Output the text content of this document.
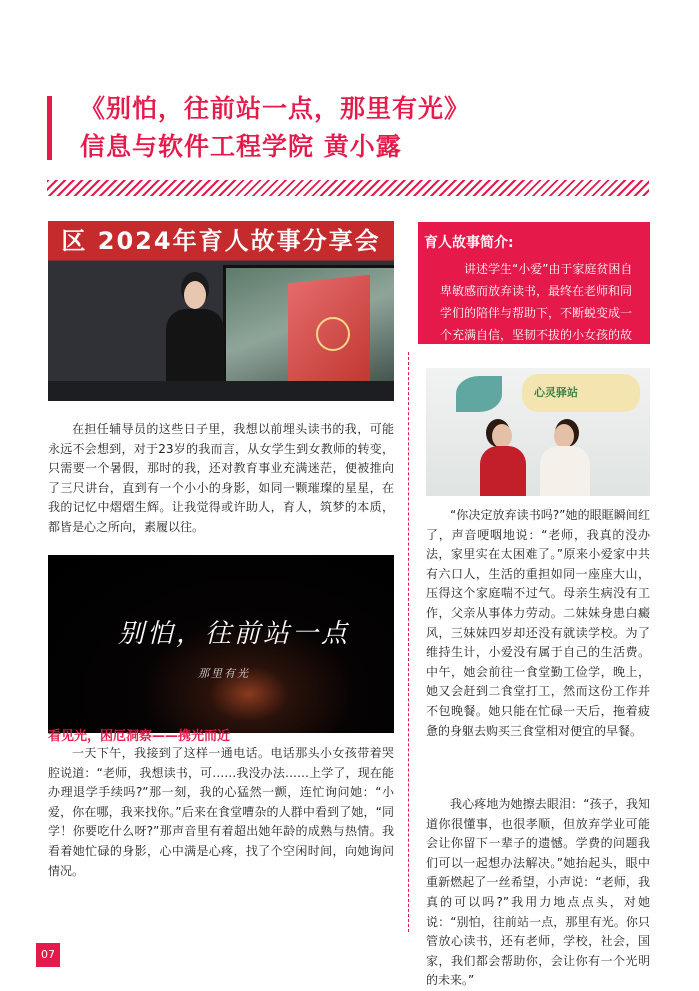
《别怕，往前站一点，那里有光》
信息与软件工程学院 黄小露
区 2024年育人故事分享会	育人故事简介:
讲述学生“小爱”由于家庭贫困自卑敏感而放弃读书，最终在老师和同学们的陪伴与帮助下，不断蜕变成一个充满自信，坚韧不拔的小女孩的故事。
在担任辅导员的这些日子里，我想以前埋头读书的我，可能永远不会想到，对于23岁的我而言，从女学生到女教师的转变，只需要一个暑假，那时的我，还对教育事业充满迷茫，便被推向了三尺讲台，直到有一个小小的身影，如同一颗璀璨的星星，在我的记忆中熠熠生辉。让我觉得或许助人，育人，筑梦的本质，都皆是心之所向，素履以往。
别怕，往前站一点
那里有光
看见光，困厄洞察——携光而近
一天下午，我接到了这样一通电话。电话那头小女孩带着哭腔说道：“老师，我想读书，可……我没办法……上学了，现在能办理退学手续吗?”那一刻，我的心猛然一颤，连忙询问她：“小爱，你在哪，我来找你。”后来在食堂嘈杂的人群中看到了她，“同学！你要吃什么呀?”那声音里有着超出她年龄的成熟与热情。我看着她忙碌的身影，心中满是心疼，找了个空闲时间，向她询问情况。
心灵驿站
“你决定放弃读书吗?”她的眼眶瞬间红了，声音哽咽地说：“老师，我真的没办法，家里实在太困难了。”原来小爱家中共有六口人，生活的重担如同一座座大山，压得这个家庭喘不过气。母亲生病没有工作，父亲从事体力劳动。二妹妹身患白癜风，三妹妹四岁却还没有就读学校。为了维持生计，小爱没有属于自己的生活费。中午，她会前往一食堂勤工俭学，晚上，她又会赶到二食堂打工，然而这份工作并不包晚餐。她只能在忙碌一天后，拖着疲惫的身躯去购买三食堂相对便宜的早餐。
我心疼地为她擦去眼泪：“孩子，我知道你很懂事，也很孝顺，但放弃学业可能会让你留下一辈子的遗憾。学费的问题我们可以一起想办法解决。”她抬起头，眼中重新燃起了一丝希望，小声说：“老师，我真的可以吗?”我用力地点点头，对她说：“别怕，往前站一点，那里有光。你只管放心读书，还有老师，学校，社会，国家，我们都会帮助你，会让你有一个光明的未来。”
07
